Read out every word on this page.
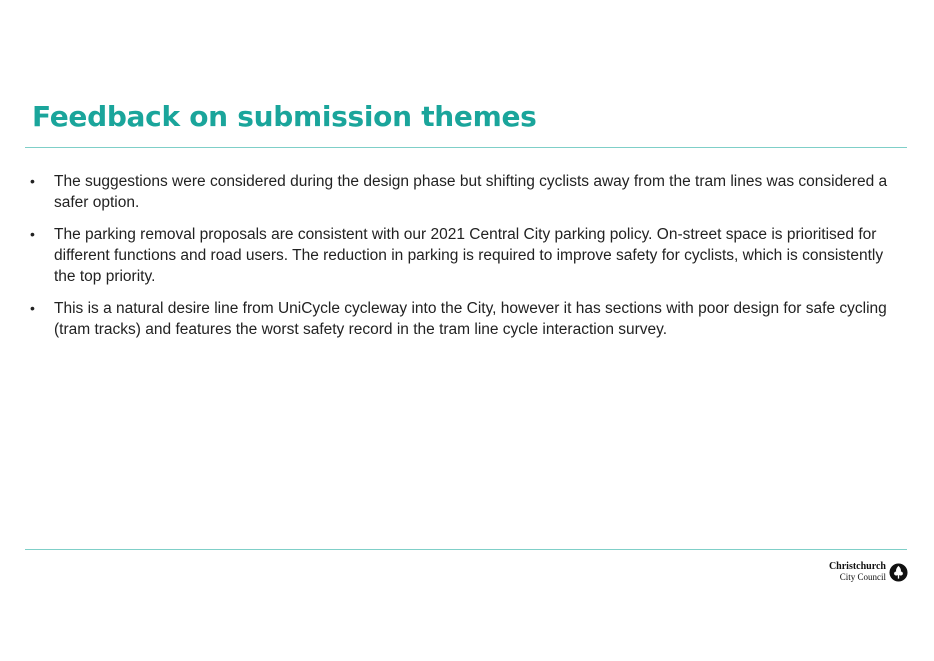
Feedback on submission themes
• The suggestions were considered during the design phase but shifting cyclists away from the tram lines was considered a safer option.
• The parking removal proposals are consistent with our 2021 Central City parking policy. On-street space is prioritised for different functions and road users. The reduction in parking is required to improve safety for cyclists, which is consistently the top priority.
• This is a natural desire line from UniCycle cycleway into the City, however it has sections with poor design for safe cycling (tram tracks) and features the worst safety record in the tram line cycle interaction survey.
Christchurch
City Council
